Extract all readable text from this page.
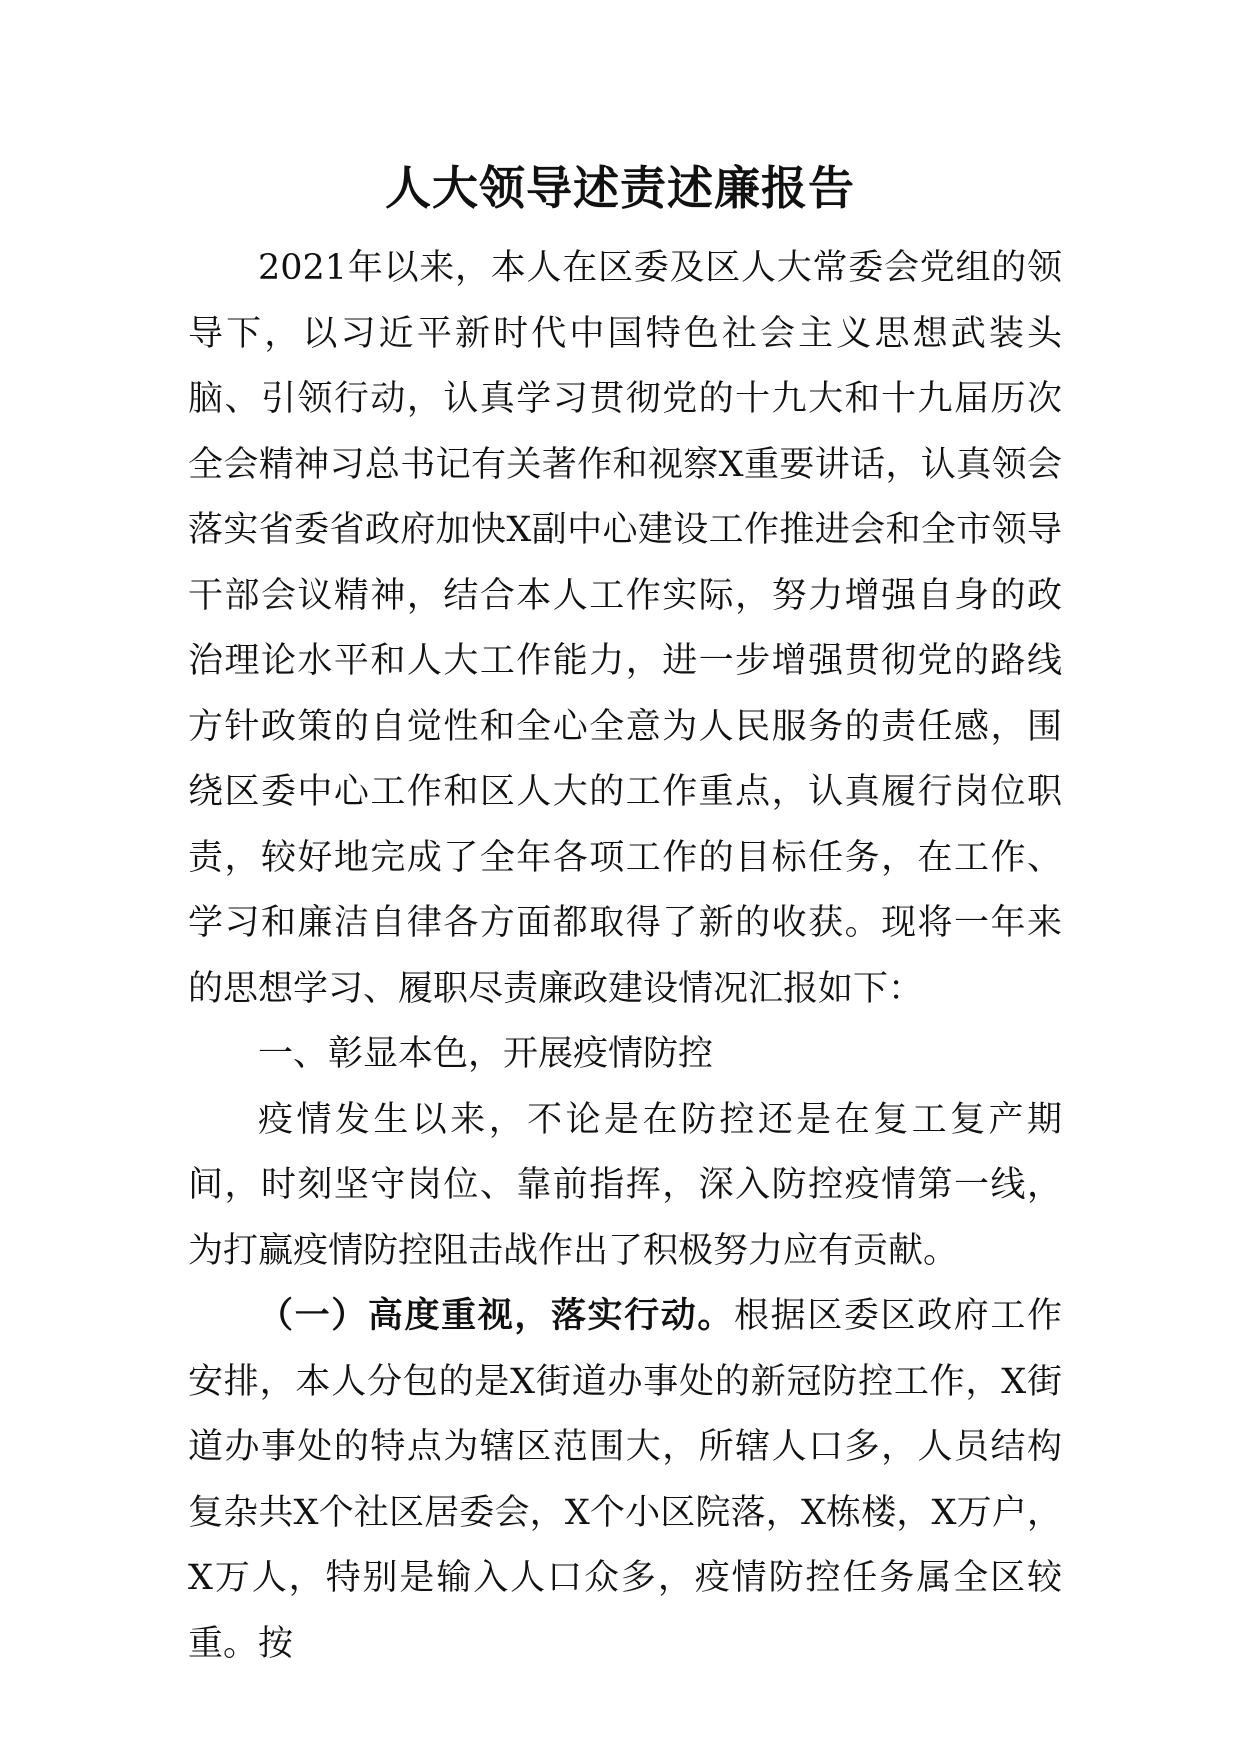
人大领导述责述廉报告

2021年以来，本人在区委及区人大常委会党组的领导下，以习近平新时代中国特色社会主义思想武装头脑、引领行动，认真学习贯彻党的十九大和十九届历次全会精神习总书记有关著作和视察X重要讲话，认真领会落实省委省政府加快X副中心建设工作推进会和全市领导干部会议精神，结合本人工作实际，努力增强自身的政治理论水平和人大工作能力，进一步增强贯彻党的路线方针政策的自觉性和全心全意为人民服务的责任感，围绕区委中心工作和区人大的工作重点，认真履行岗位职责，较好地完成了全年各项工作的目标任务，在工作、学习和廉洁自律各方面都取得了新的收获。现将一年来的思想学习、履职尽责廉政建设情况汇报如下：

一、彰显本色，开展疫情防控

疫情发生以来，不论是在防控还是在复工复产期间，时刻坚守岗位、靠前指挥，深入防控疫情第一线，为打赢疫情防控阻击战作出了积极努力应有贡献。

（一）高度重视，落实行动。根据区委区政府工作安排，本人分包的是X街道办事处的新冠防控工作，X街道办事处的特点为辖区范围大，所辖人口多，人员结构复杂共X个社区居委会，X个小区院落，X栋楼，X万户，X万人，特别是输入人口众多，疫情防控任务属全区较重。按
